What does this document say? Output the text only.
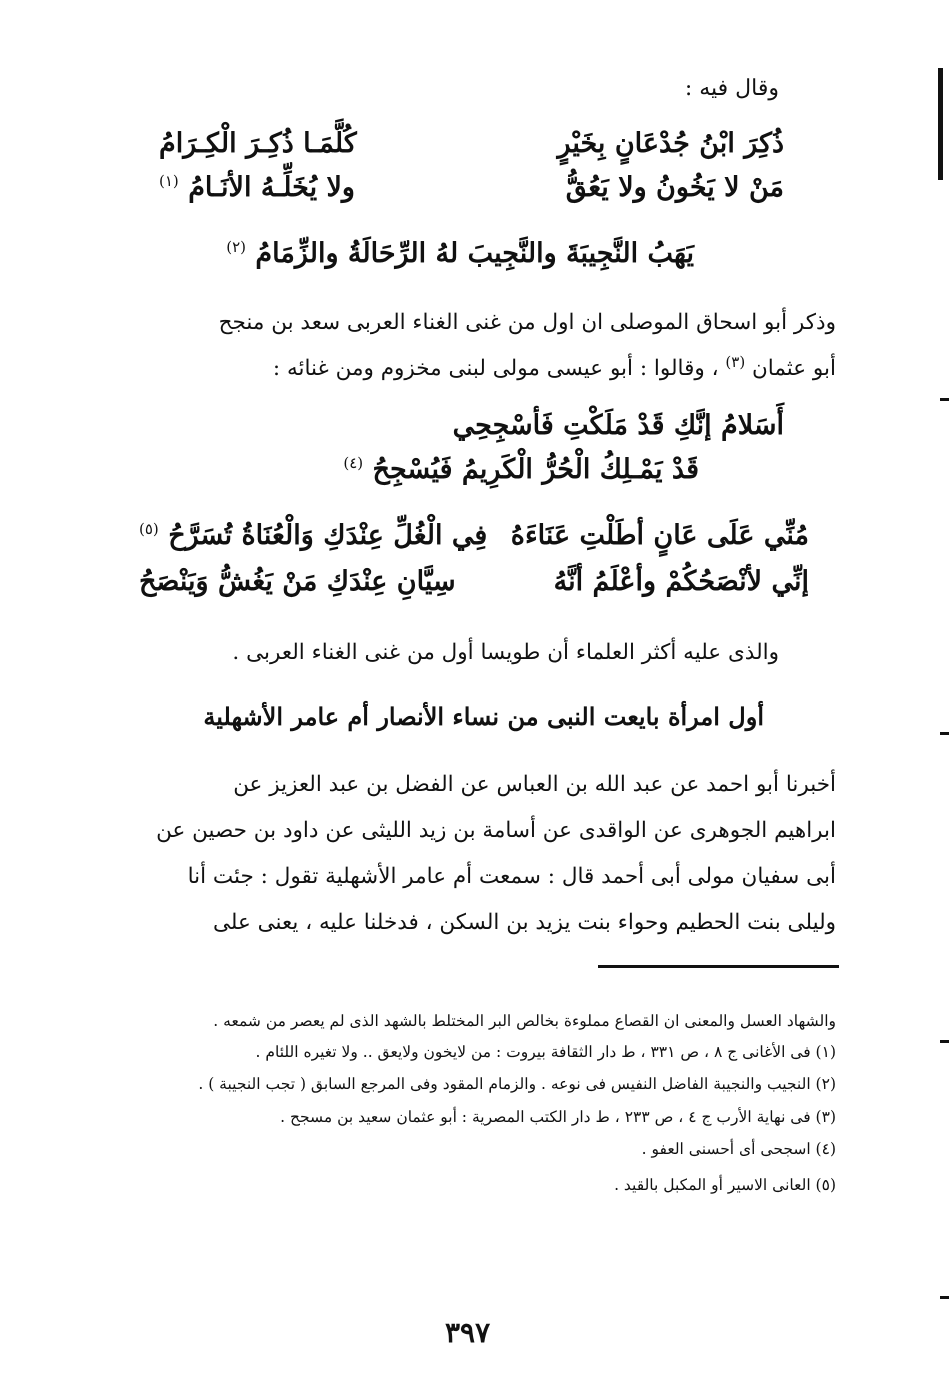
وقال فيه :
ذُكِرَ ابْنُ جُدْعَانٍ بِخَيْرٍ
كُلَّمَـا ذُكِـرَ الْكِـرَامُ
مَنْ لا يَخُونُ ولا يَعُقُّ
ولا يُخَلِّـهُ الأنَـامُ $^{(١)}$
يَهَبُ النَّجِيبَةَ والنَّجِيبَ لهُ الرِّحَالَةُ والزِّمَامُ $^{(٢)}$
وذكر أبو اسحاق الموصلى ان اول من غنى الغناء العربى سعد بن منجح
أبو عثمان $^{(٣)}$ ، وقالوا : أبو عيسى مولى لبنى مخزوم ومن غنائه :
أَسَلامُ إنَّكِ قَدْ مَلَكْتِ فَأسْجِحِي
قَدْ يَمْـلِكُ الْحُرُّ الْكَرِيمُ فَيُسْجِحُ $^{(٤)}$
مُنِّي عَلَى عَانٍ أطَلْتِ عَنَاءَهُ
فِي الْغُلِّ عِنْدَكِ وَالْعُنَاةُ تُسَرَّحُ $^{(٥)}$
إنِّي لأنْصَحُكُمْ وأعْلَمُ أنَّهُ
سِيَّانِ عِنْدَكِ مَنْ يَغُشُّ وَيَنْصَحُ
والذى عليه أكثر العلماء أن طويسا أول من غنى الغناء العربى .
أول امرأة بايعت النبى من نساء الأنصار أم عامر الأشهلية
أخبرنا أبو احمد عن عبد الله بن العباس عن الفضل بن عبد العزيز عن
ابراهيم الجوهرى عن الواقدى عن أسامة بن زيد الليثى عن داود بن حصين عن
أبى سفيان مولى أبى أحمد قال : سمعت أم عامر الأشهلية تقول : جئت أنا
وليلى بنت الحطيم وحواء بنت يزيد بن السكن ، فدخلنا عليه ، يعنى على
والشهاد العسل والمعنى ان القصاع مملوءة بخالص البر المختلط بالشهد الذى لم يعصر من شمعه .
(١) فى الأغانى ج ٨ ، ص ٣٣١ ، ط دار الثقافة بيروت : من لايخون ولايعق .. ولا تغيره اللئام .
(٢) النجيب والنجيبة الفاضل النفيس فى نوعه . والزمام المقود وفى المرجع السابق ( تجب النجيبة ) .
(٣) فى نهاية الأرب ج ٤ ، ص ٢٣٣ ، ط دار الكتب المصرية : أبو عثمان سعيد بن مسجح .
(٤) اسجحى أى أحسنى العفو .
(٥) العانى الاسير أو المكبل بالقيد .
٣٩٧
